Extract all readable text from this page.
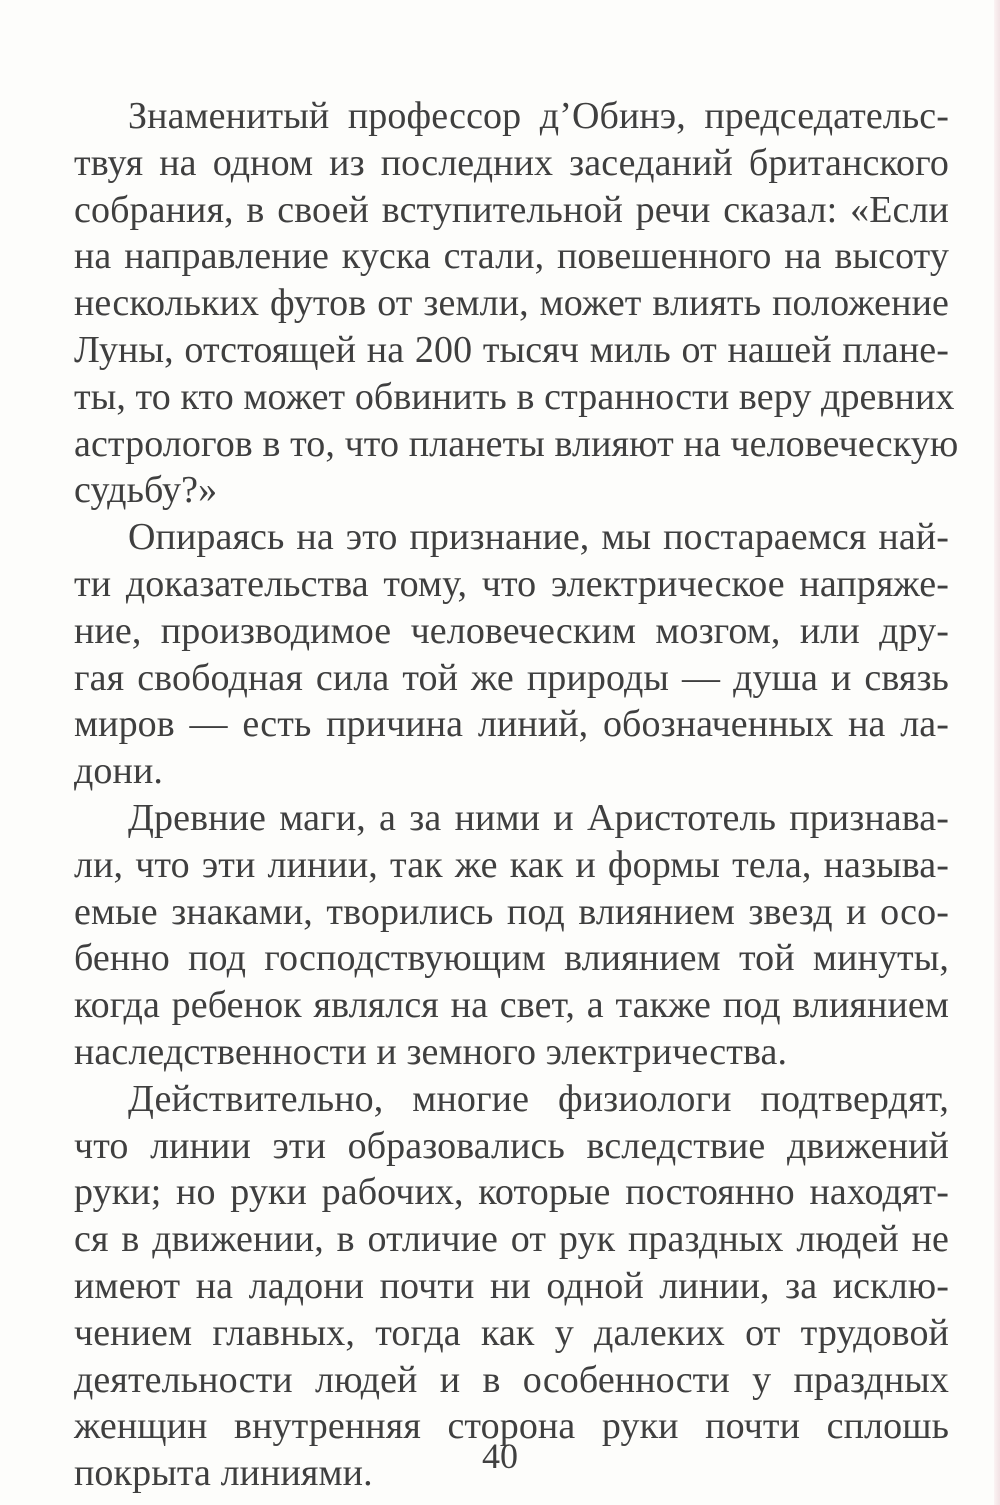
Знаменитый профессор д’Обинэ, председательс-
твуя на одном из последних заседаний британского
собрания, в своей вступительной речи сказал: «Если
на направление куска стали, повешенного на высоту
нескольких футов от земли, может влиять положение
Луны, отстоящей на 200 тысяч миль от нашей плане-
ты, то кто может обвинить в странности веру древних
астрологов в то, что планеты влияют на человеческую
судьбу?»
Опираясь на это признание, мы постараемся най-
ти доказательства тому, что электрическое напряже-
ние, производимое человеческим мозгом, или дру-
гая свободная сила той же природы — душа и связь
миров — есть причина линий, обозначенных на ла-
дони.
Древние маги, а за ними и Аристотель признава-
ли, что эти линии, так же как и формы тела, называ-
емые знаками, творились под влиянием звезд и осо-
бенно под господствующим влиянием той минуты,
когда ребенок являлся на свет, а также под влиянием
наследственности и земного электричества.
Действительно, многие физиологи подтвердят,
что линии эти образовались вследствие движений
руки; но руки рабочих, которые постоянно находят-
ся в движении, в отличие от рук праздных людей не
имеют на ладони почти ни одной линии, за исклю-
чением главных, тогда как у далеких от трудовой
деятельности людей и в особенности у праздных
женщин внутренняя сторона руки почти сплошь
покрыта линиями.	40
